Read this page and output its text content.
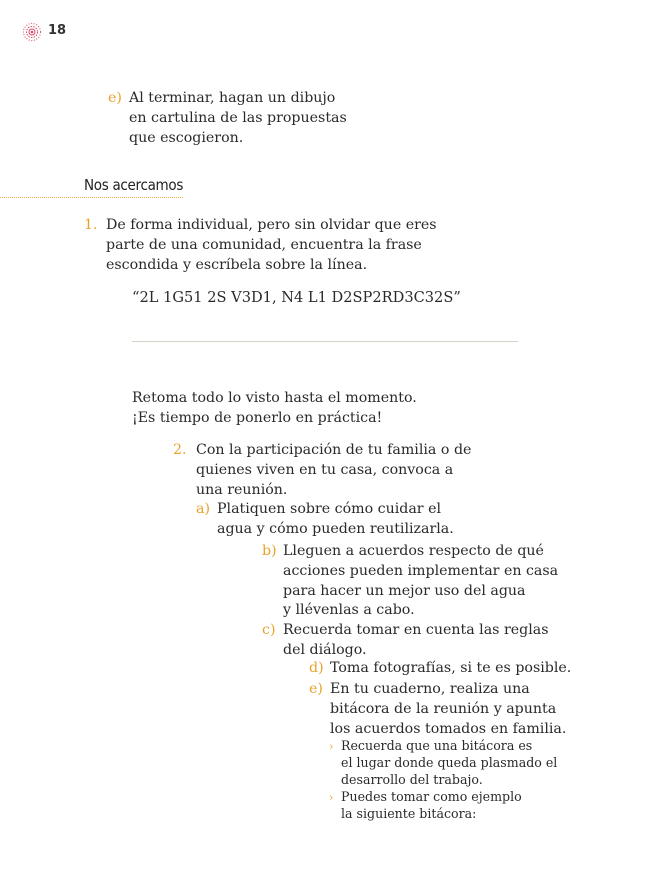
18
e) Al terminar, hagan un dibujo
en cartulina de las propuestas
que escogieron.
Nos acercamos
1. De forma individual, pero sin olvidar que eres
parte de una comunidad, encuentra la frase
escondida y escríbela sobre la línea.
“2L 1G51 2S V3D1, N4 L1 D2SP2RD3C32S”
Retoma todo lo visto hasta el momento.
¡Es tiempo de ponerlo en práctica!
2. Con la participación de tu familia o de
quienes viven en tu casa, convoca a
una reunión.
a) Platiquen sobre cómo cuidar el
agua y cómo pueden reutilizarla.
b) Lleguen a acuerdos respecto de qué
acciones pueden implementar en casa
para hacer un mejor uso del agua
y llévenlas a cabo.
c) Recuerda tomar en cuenta las reglas
del diálogo.
d) Toma fotografías, si te es posible.
e) En tu cuaderno, realiza una
bitácora de la reunión y apunta
los acuerdos tomados en familia.
› Recuerda que una bitácora es
el lugar donde queda plasmado el
desarrollo del trabajo.
› Puedes tomar como ejemplo
la siguiente bitácora:
